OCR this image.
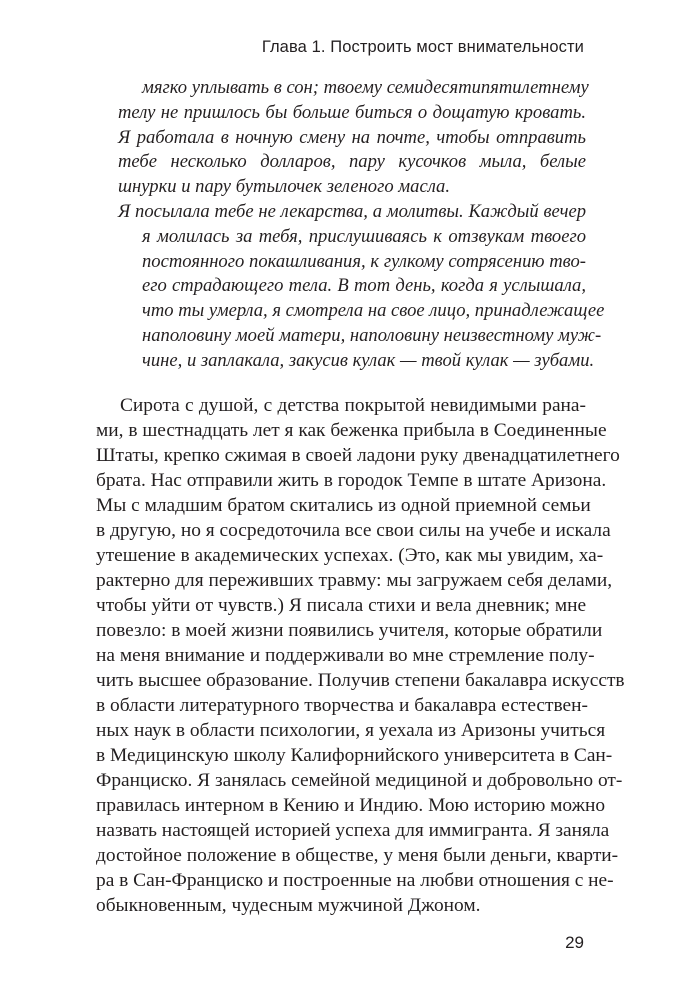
Глава 1. Построить мост внимательности
мягко уплывать в сон; твоему семидесятипятилетнему
телу не пришлось бы больше биться о дощатую кровать.
Я работала в ночную смену на почте, чтобы отправить
тебе несколько долларов, пару кусочков мыла, белые
шнурки и пару бутылочек зеленого масла.
Я посылала тебе не лекарства, а молитвы. Каждый вечер
я молилась за тебя, прислушиваясь к отзвукам твоего
постоянного покашливания, к гулкому сотрясению тво-
его страдающего тела. В тот день, когда я услышала,
что ты умерла, я смотрела на свое лицо, принадлежащее
наполовину моей матери, наполовину неизвестному муж-
чине, и заплакала, закусив кулак — твой кулак — зубами.
Сирота с душой, с детства покрытой невидимыми рана-
ми, в шестнадцать лет я как беженка прибыла в Соединенные
Штаты, крепко сжимая в своей ладони руку двенадцатилетнего
брата. Нас отправили жить в городок Темпе в штате Аризона.
Мы с младшим братом скитались из одной приемной семьи
в другую, но я сосредоточила все свои силы на учебе и искала
утешение в академических успехах. (Это, как мы увидим, ха-
рактерно для переживших травму: мы загружаем себя делами,
чтобы уйти от чувств.) Я писала стихи и вела дневник; мне
повезло: в моей жизни появились учителя, которые обратили
на меня внимание и поддерживали во мне стремление полу-
чить высшее образование. Получив степени бакалавра искусств
в области литературного творчества и бакалавра естествен-
ных наук в области психологии, я уехала из Аризоны учиться
в Медицинскую школу Калифорнийского университета в Сан-
Франциско. Я занялась семейной медициной и добровольно от-
правилась интерном в Кению и Индию. Мою историю можно
назвать настоящей историей успеха для иммигранта. Я заняла
достойное положение в обществе, у меня были деньги, кварти-
ра в Сан-Франциско и построенные на любви отношения с не-
обыкновенным, чудесным мужчиной Джоном.
29
